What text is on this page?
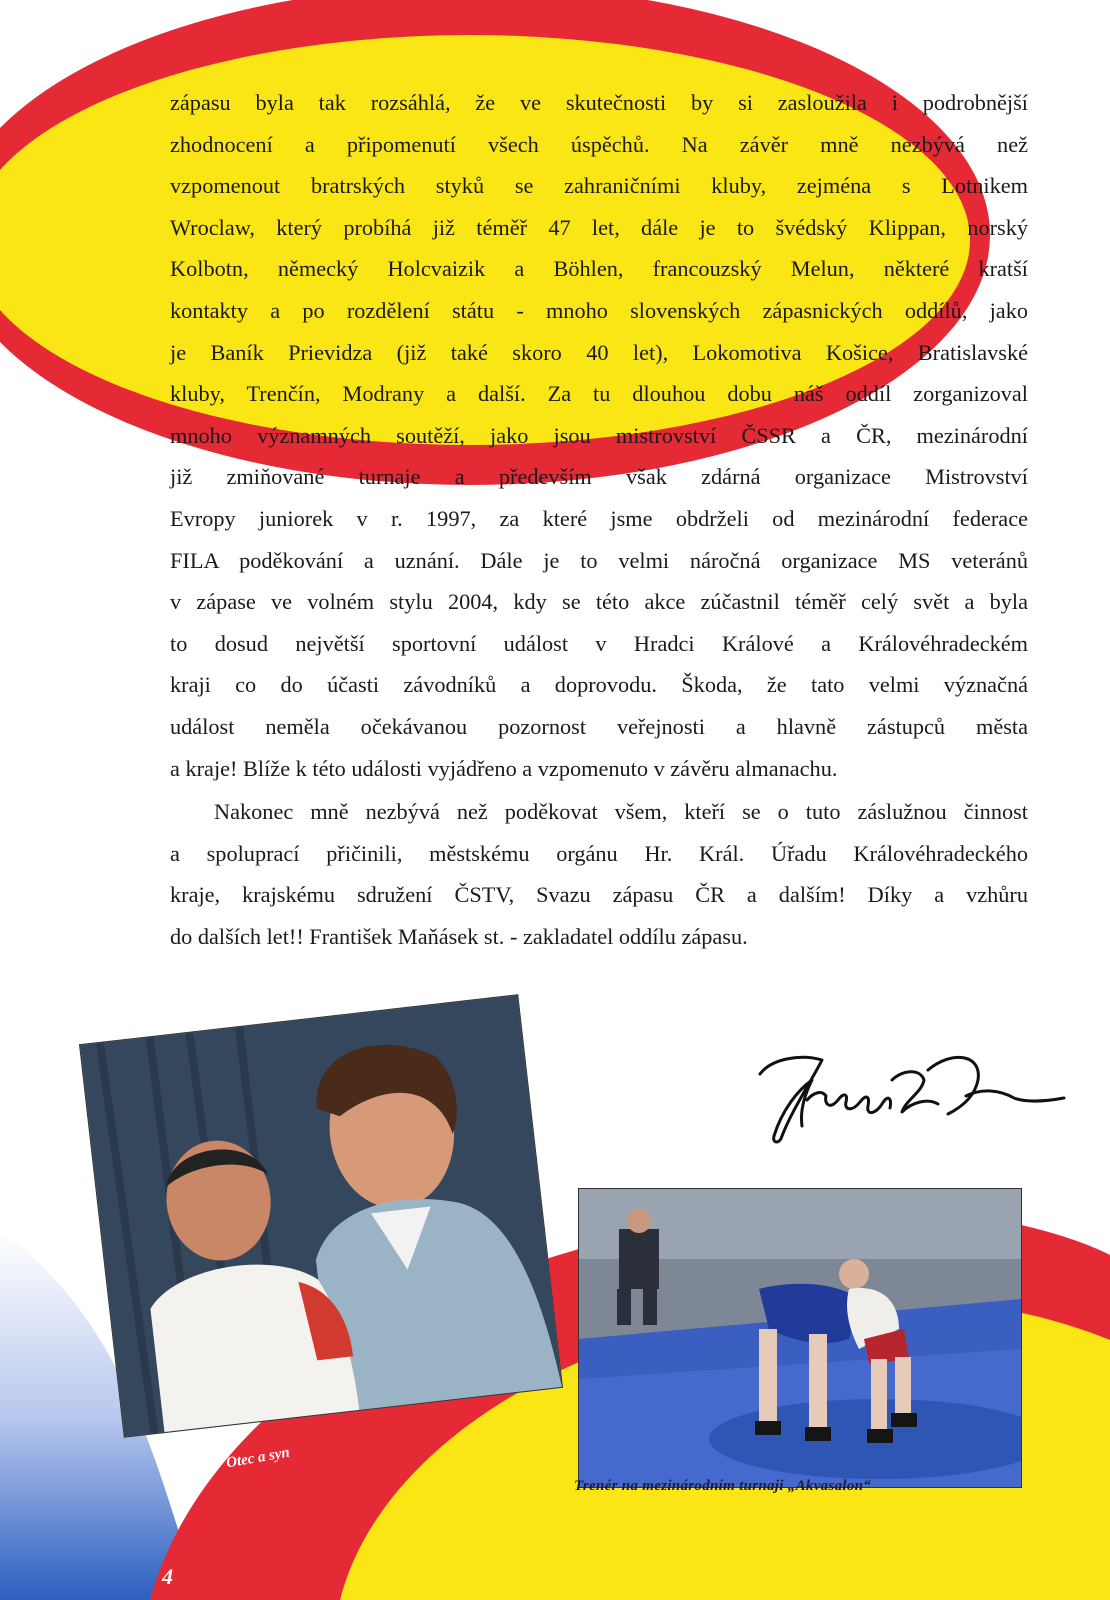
zápasu byla tak rozsáhlá, že ve skutečnosti by si zasloužila i podrobnější
zhodnocení a připomenutí všech úspěchů. Na závěr mně nezbývá než
vzpomenout bratrských styků se zahraničními kluby, zejména s Lotnikem
Wroclaw, který probíhá již téměř 47 let, dále je to švédský Klippan, norský
Kolbotn, německý Holcvaizik a Böhlen, francouzský Melun, některé kratší
kontakty a po rozdělení státu - mnoho slovenských zápasnických oddílů, jako
je Baník Prievidza (již také skoro 40 let), Lokomotiva Košice, Bratislavské
kluby, Trenčín, Modrany a další. Za tu dlouhou dobu náš oddíl zorganizoval
mnoho významných soutěží, jako jsou mistrovství ČSSR a ČR, mezinárodní
již zmiňované turnaje a především však zdárná organizace Mistrovství
Evropy juniorek v r. 1997, za které jsme obdrželi od mezinárodní federace
FILA poděkování a uznání. Dále je to velmi náročná organizace MS veteránů
v zápase ve volném stylu 2004, kdy se této akce zúčastnil téměř celý svět a byla
to dosud největší sportovní událost v Hradci Králové a Královéhradeckém
kraji co do účasti závodníků a doprovodu. Škoda, že tato velmi význačná
událost neměla očekávanou pozornost veřejnosti a hlavně zástupců města
a kraje! Blíže k této události vyjádřeno a vzpomenuto v závěru almanachu.

Nakonec mně nezbývá než poděkovat všem, kteří se o tuto záslužnou činnost
a spoluprací přičinili, městskému orgánu Hr. Král. Úřadu Královéhradeckého
kraje, krajskému sdružení ČSTV, Svazu zápasu ČR a dalším! Díky a vzhůru
do dalších let!! František Maňásek st. - zakladatel oddílu zápasu.

Otec a syn
Trenér na mezinárodním turnaji „Akvasalon“
4
